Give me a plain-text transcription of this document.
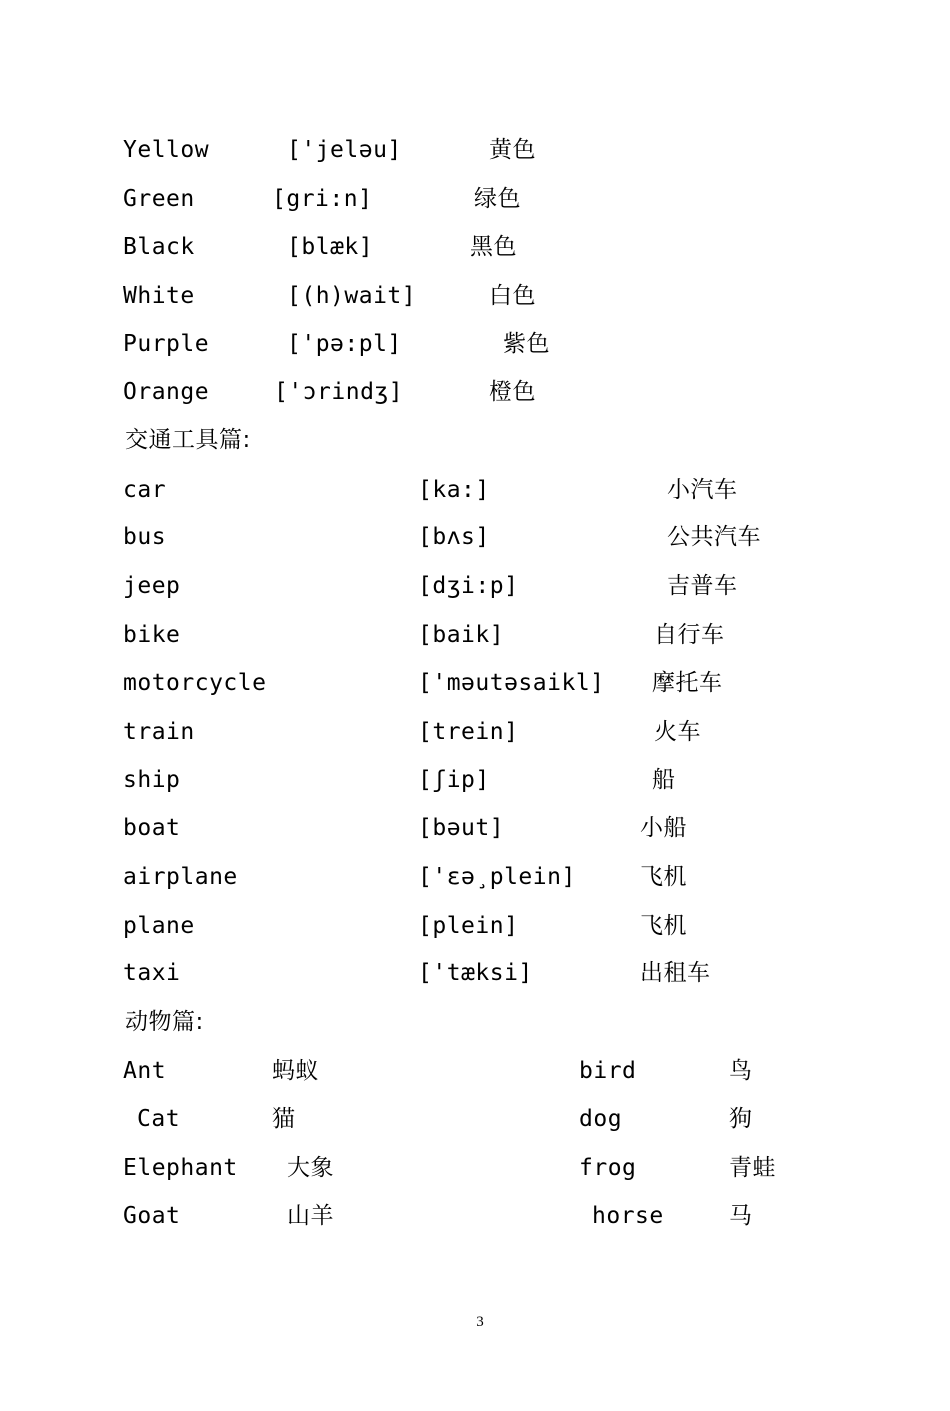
Yellow	['jeləu]	黄色
Green	[gri:n]	绿色
Black	[blæk]	黑色
White	[(h)wait]	白色
Purple	['pə:pl]	紫色
Orange	['ɔrindʒ]	橙色
交通工具篇:
car	[ka:]	小汽车
bus	[bʌs]	公共汽车
jeep	[dʒi:p]	吉普车
bike	[baik]	自行车
motorcycle	['məutəsaikl] 摩托车
train	[trein]	火车
ship	[ʃip]	船
boat	[bəut]	小船
airplane	['εə¸plein]	飞机
plane	[plein]	飞机
taxi	['tæksi]	出租车
动物篇:
Ant	蚂蚁	bird	鸟
Cat	猫	dog	狗
Elephant 大象	frog	青蛙
Goat	山羊	horse	马
3
